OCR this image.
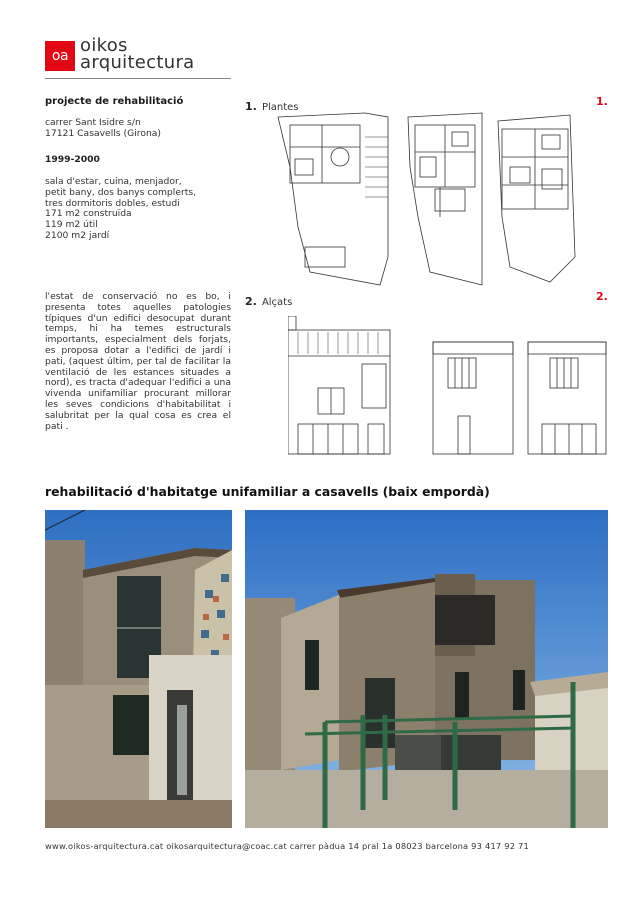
oa oikos
arquitectura
projecte de rehabilitació
carrer Sant Isidre s/n
17121 Casavells (Girona)
1999-2000
sala d'estar, cuina, menjador,
petit bany, dos banys complerts,
tres dormitoris dobles, estudi
171 m2 construïda
119 m2 útil
2100 m2 jardí
l'estat de conservació no es bo, i presenta totes aquelles patologies típiques d'un edifici desocupat durant temps, hi ha temes estructurals importants, especialment dels forjats, es proposa dotar a l'edifici de jardí i pati, (aquest últim, per tal de facilitar la ventilació de les estances situades a nord), es tracta d'adequar l'edifici a una vivenda unifamiliar procurant millorar les seves condicions d'habitabilitat i salubritat per la qual cosa es crea el pati .
1. Plantes	1.
2. Alçats	2.
rehabilitació d'habitatge unifamiliar a casavells (baix empordà)
www.oikos-arquitectura.cat oikosarquitectura@coac.cat carrer pàdua 14 pral 1a 08023 barcelona 93 417 92 71
